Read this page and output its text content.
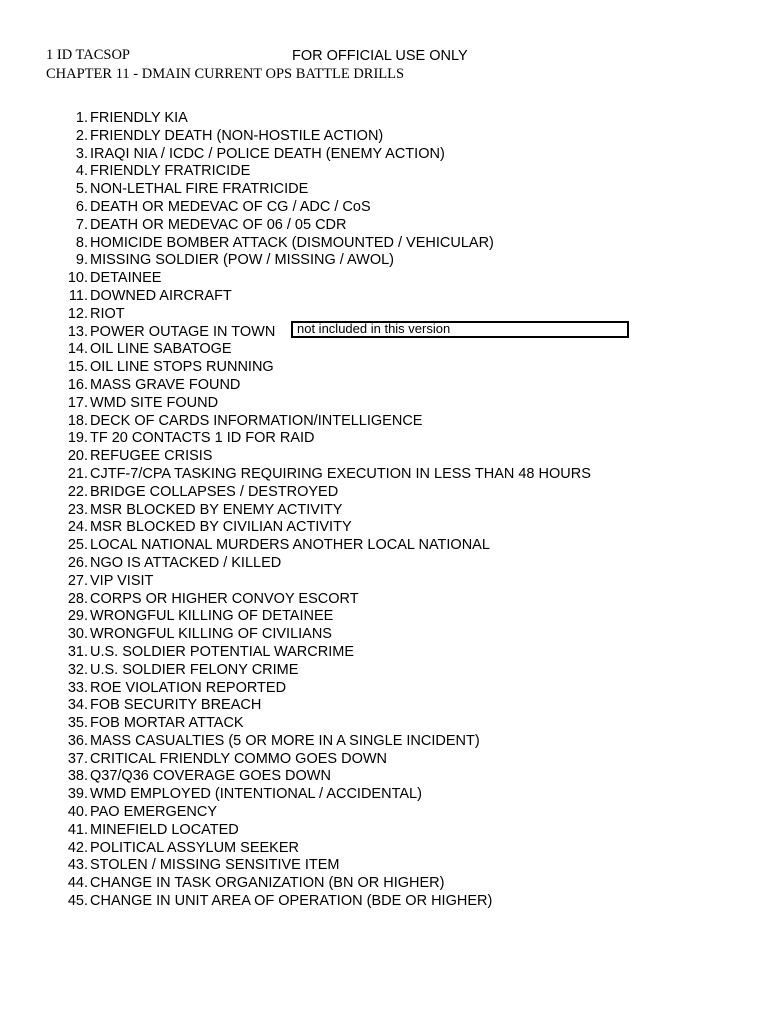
1 ID TACSOP	FOR OFFICIAL USE ONLY
CHAPTER 11 - DMAIN CURRENT OPS BATTLE DRILLS
1. FRIENDLY KIA
2. FRIENDLY DEATH (NON-HOSTILE ACTION)
3. IRAQI NIA / ICDC / POLICE DEATH (ENEMY ACTION)
4. FRIENDLY FRATRICIDE
5. NON-LETHAL FIRE FRATRICIDE
6. DEATH OR MEDEVAC OF CG / ADC / CoS
7. DEATH OR MEDEVAC OF 06 / 05 CDR
8. HOMICIDE BOMBER ATTACK (DISMOUNTED / VEHICULAR)
9. MISSING SOLDIER (POW / MISSING / AWOL)
10. DETAINEE
11. DOWNED AIRCRAFT
12. RIOT
13. POWER OUTAGE IN TOWN
14. OIL LINE SABATOGE
15. OIL LINE STOPS RUNNING
16. MASS GRAVE FOUND
17. WMD SITE FOUND
18. DECK OF CARDS INFORMATION/INTELLIGENCE
19. TF 20 CONTACTS 1 ID FOR RAID
20. REFUGEE CRISIS
21. CJTF-7/CPA TASKING REQUIRING EXECUTION IN LESS THAN 48 HOURS
22. BRIDGE COLLAPSES / DESTROYED
23. MSR BLOCKED BY ENEMY ACTIVITY
24. MSR BLOCKED BY CIVILIAN ACTIVITY
25. LOCAL NATIONAL MURDERS ANOTHER LOCAL NATIONAL
26. NGO IS ATTACKED / KILLED
27. VIP VISIT
28. CORPS OR HIGHER CONVOY ESCORT
29. WRONGFUL KILLING OF DETAINEE
30. WRONGFUL KILLING OF CIVILIANS
31. U.S. SOLDIER POTENTIAL WARCRIME
32. U.S. SOLDIER FELONY CRIME
33. ROE VIOLATION REPORTED
34. FOB SECURITY BREACH
35. FOB MORTAR ATTACK
36. MASS CASUALTIES (5 OR MORE IN A SINGLE INCIDENT)
37. CRITICAL FRIENDLY COMMO GOES DOWN
38. Q37/Q36 COVERAGE GOES DOWN
39. WMD EMPLOYED (INTENTIONAL / ACCIDENTAL)
40. PAO EMERGENCY
41. MINEFIELD LOCATED
42. POLITICAL ASSYLUM SEEKER
43. STOLEN / MISSING SENSITIVE ITEM
44. CHANGE IN TASK ORGANIZATION (BN OR HIGHER)
45. CHANGE IN UNIT AREA OF OPERATION (BDE OR HIGHER)
not included in this version
